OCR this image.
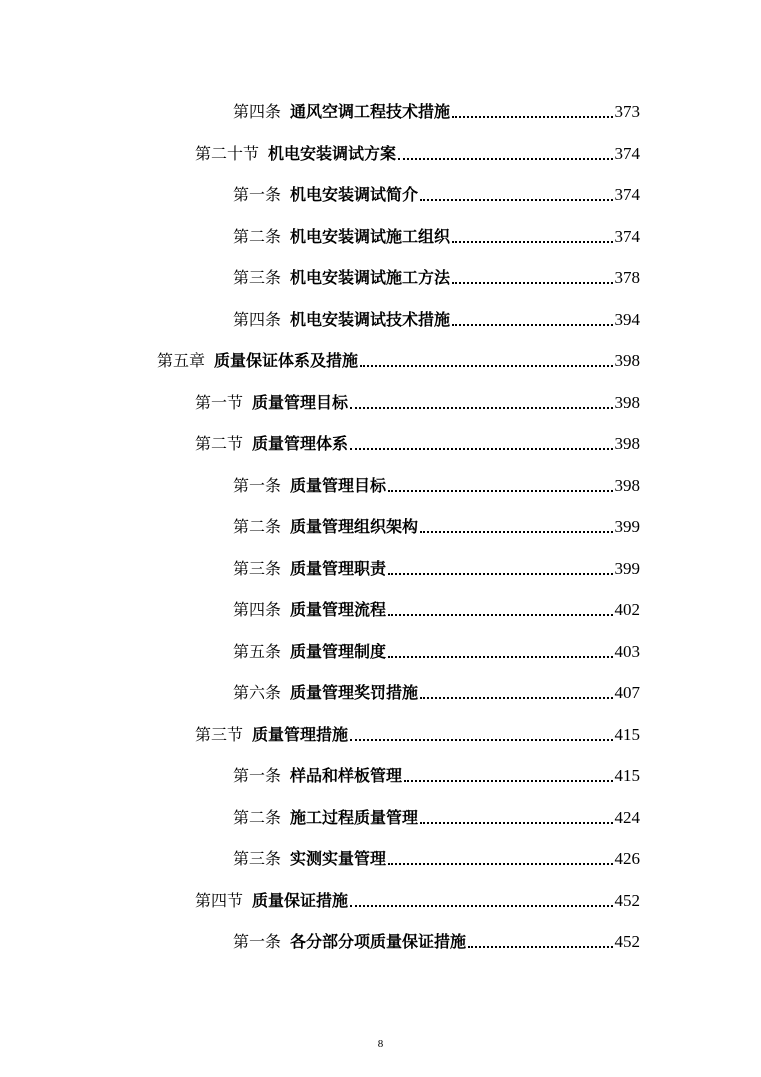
第四条 通风空调工程技术措施	373
第二十节 机电安装调试方案	374
第一条 机电安装调试简介	374
第二条 机电安装调试施工组织	374
第三条 机电安装调试施工方法	378
第四条 机电安装调试技术措施	394
第五章 质量保证体系及措施	398
第一节 质量管理目标	398
第二节 质量管理体系	398
第一条 质量管理目标	398
第二条 质量管理组织架构	399
第三条 质量管理职责	399
第四条 质量管理流程	402
第五条 质量管理制度	403
第六条 质量管理奖罚措施	407
第三节 质量管理措施	415
第一条 样品和样板管理	415
第二条 施工过程质量管理	424
第三条 实测实量管理	426
第四节 质量保证措施	452
第一条 各分部分项质量保证措施	452
8
